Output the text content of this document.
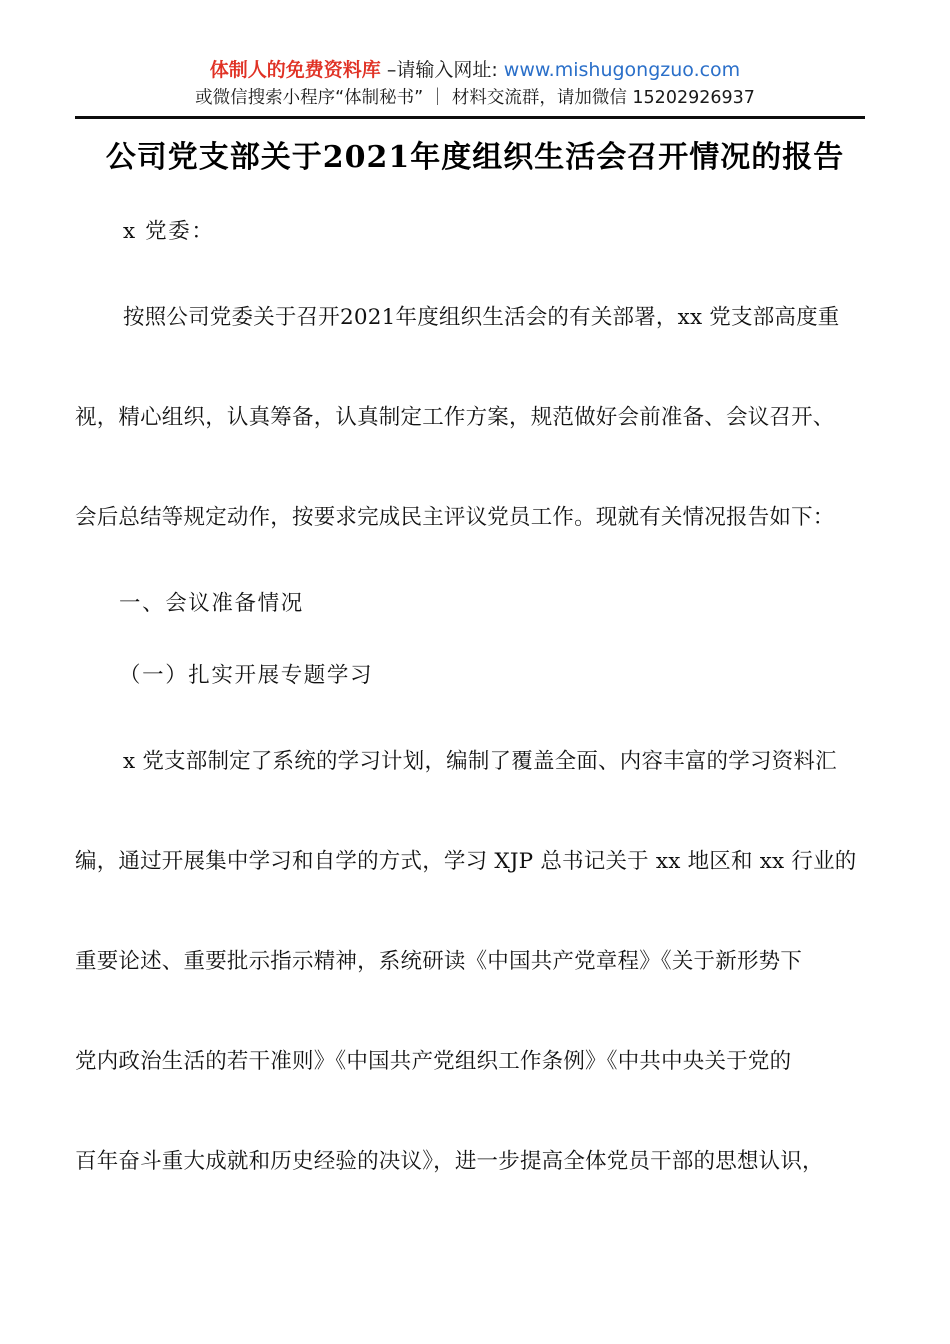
体制人的免费资料库 –请输入网址: www.mishugongzuo.com
或微信搜索小程序“体制秘书” ｜ 材料交流群，请加微信 15202926937
公司党支部关于2021年度组织生活会召开情况的报告

x 党委：

按照公司党委关于召开2021年度组织生活会的有关部署，xx 党支部高度重

视，精心组织，认真筹备，认真制定工作方案，规范做好会前准备、会议召开、

会后总结等规定动作，按要求完成民主评议党员工作。现就有关情况报告如下：

一、会议准备情况

（一）扎实开展专题学习

x 党支部制定了系统的学习计划，编制了覆盖全面、内容丰富的学习资料汇

编，通过开展集中学习和自学的方式，学习 XJP 总书记关于 xx 地区和 xx 行业的

重要论述、重要批示指示精神，系统研读《中国共产党章程》《关于新形势下

党内政治生活的若干准则》《中国共产党组织工作条例》《中共中央关于党的

百年奋斗重大成就和历史经验的决议》，进一步提高全体党员干部的思想认识，
